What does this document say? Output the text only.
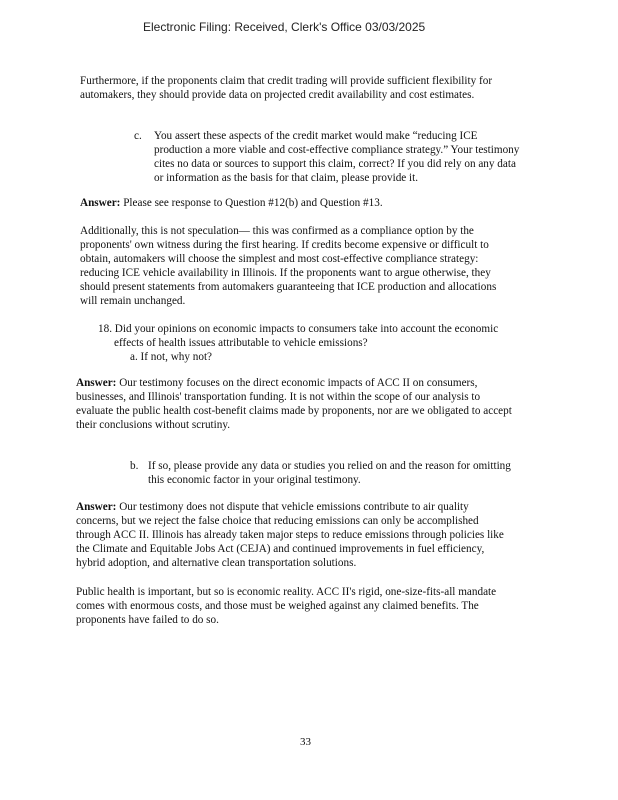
Electronic Filing: Received, Clerk's Office 03/03/2025
Furthermore, if the proponents claim that credit trading will provide sufficient flexibility for
automakers, they should provide data on projected credit availability and cost estimates.
c. You assert these aspects of the credit market would make “reducing ICE
production a more viable and cost-effective compliance strategy.” Your testimony
cites no data or sources to support this claim, correct? If you did rely on any data
or information as the basis for that claim, please provide it.
Answer: Please see response to Question #12(b) and Question #13.
Additionally, this is not speculation— this was confirmed as a compliance option by the
proponents' own witness during the first hearing. If credits become expensive or difficult to
obtain, automakers will choose the simplest and most cost-effective compliance strategy:
reducing ICE vehicle availability in Illinois. If the proponents want to argue otherwise, they
should present statements from automakers guaranteeing that ICE production and allocations
will remain unchanged.
18. Did your opinions on economic impacts to consumers take into account the economic
effects of health issues attributable to vehicle emissions?
a. If not, why not?
Answer: Our testimony focuses on the direct economic impacts of ACC II on consumers,
businesses, and Illinois' transportation funding. It is not within the scope of our analysis to
evaluate the public health cost-benefit claims made by proponents, nor are we obligated to accept
their conclusions without scrutiny.
b. If so, please provide any data or studies you relied on and the reason for omitting
this economic factor in your original testimony.
Answer: Our testimony does not dispute that vehicle emissions contribute to air quality
concerns, but we reject the false choice that reducing emissions can only be accomplished
through ACC II. Illinois has already taken major steps to reduce emissions through policies like
the Climate and Equitable Jobs Act (CEJA) and continued improvements in fuel efficiency,
hybrid adoption, and alternative clean transportation solutions.
Public health is important, but so is economic reality. ACC II's rigid, one-size-fits-all mandate
comes with enormous costs, and those must be weighed against any claimed benefits. The
proponents have failed to do so.
33
